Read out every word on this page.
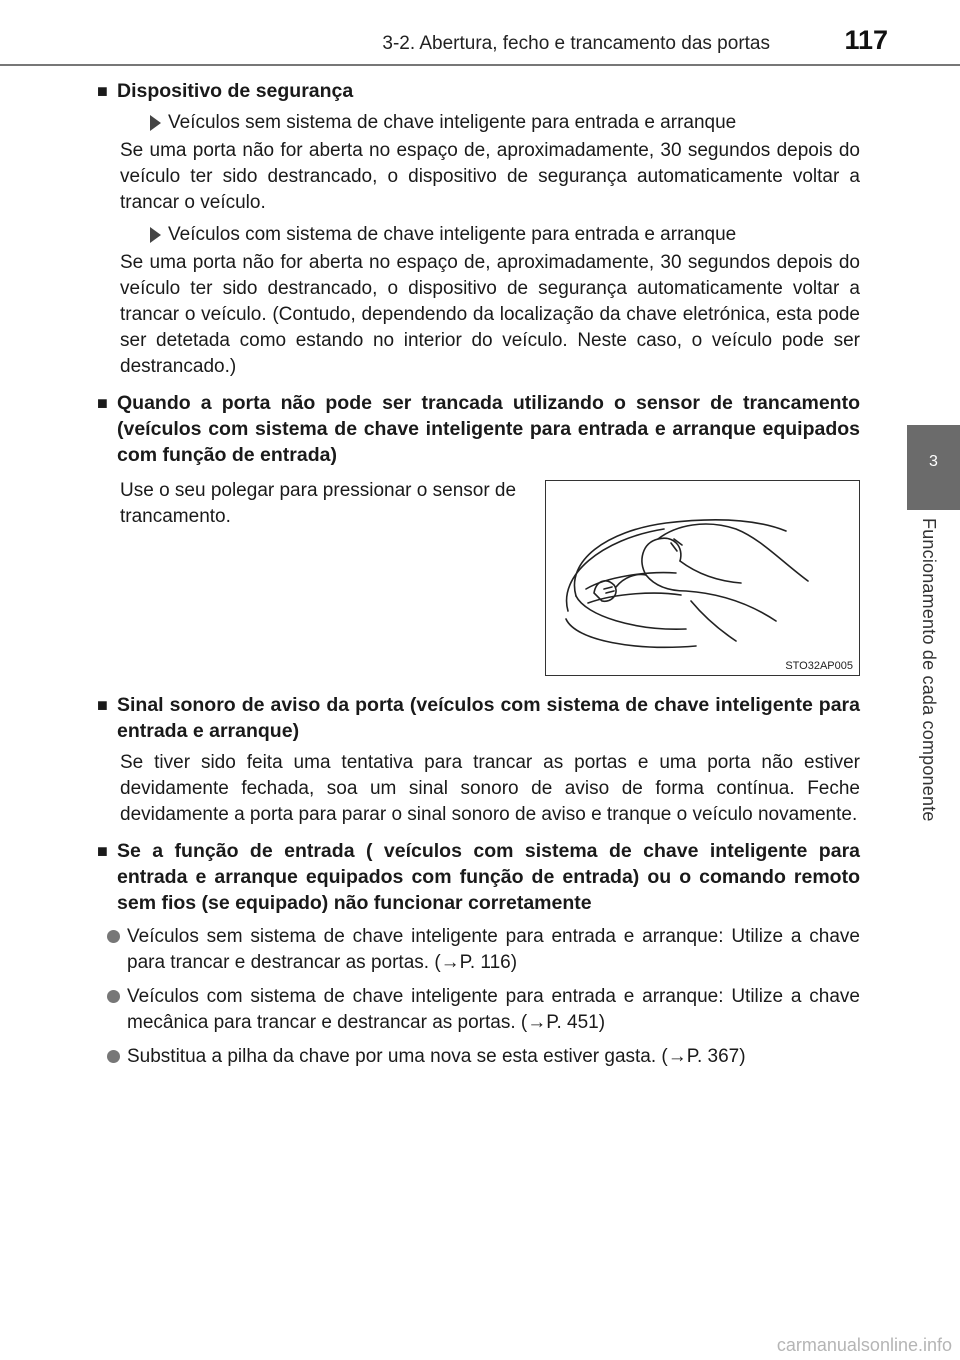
3-2. Abertura, fecho e trancamento das portas	117
3
Funcionamento de cada componente
■ Dispositivo de segurança
Veículos sem sistema de chave inteligente para entrada e arranque
Se uma porta não for aberta no espaço de, aproximadamente, 30 segundos depois do veículo ter sido destrancado, o dispositivo de segurança automaticamente voltar a trancar o veículo.
Veículos com sistema de chave inteligente para entrada e arranque
Se uma porta não for aberta no espaço de, aproximadamente, 30 segundos depois do veículo ter sido destrancado, o dispositivo de segurança automaticamente voltar a trancar o veículo. (Contudo, dependendo da localização da chave eletrónica, esta pode ser detetada como estando no interior do veículo. Neste caso, o veículo pode ser destrancado.)
■ Quando a porta não pode ser trancada utilizando o sensor de trancamento (veículos com sistema de chave inteligente para entrada e arranque equipados com função de entrada)
Use o seu polegar para pressionar o sensor de trancamento.
STO32AP005
■ Sinal sonoro de aviso da porta (veículos com sistema de chave inteligente para entrada e arranque)
Se tiver sido feita uma tentativa para trancar as portas e uma porta não estiver devidamente fechada, soa um sinal sonoro de aviso de forma contínua. Feche devidamente a porta para parar o sinal sonoro de aviso e tranque o veículo novamente.
■ Se a função de entrada ( veículos com sistema de chave inteligente para entrada e arranque equipados com função de entrada) ou o comando remoto sem fios (se equipado) não funcionar corretamente
Veículos sem sistema de chave inteligente para entrada e arranque: Utilize a chave para trancar e destrancar as portas. (→P. 116)
Veículos com sistema de chave inteligente para entrada e arranque: Utilize a chave mecânica para trancar e destrancar as portas. (→P. 451)
Substitua a pilha da chave por uma nova se esta estiver gasta. (→P. 367)
carmanualsonline.info
